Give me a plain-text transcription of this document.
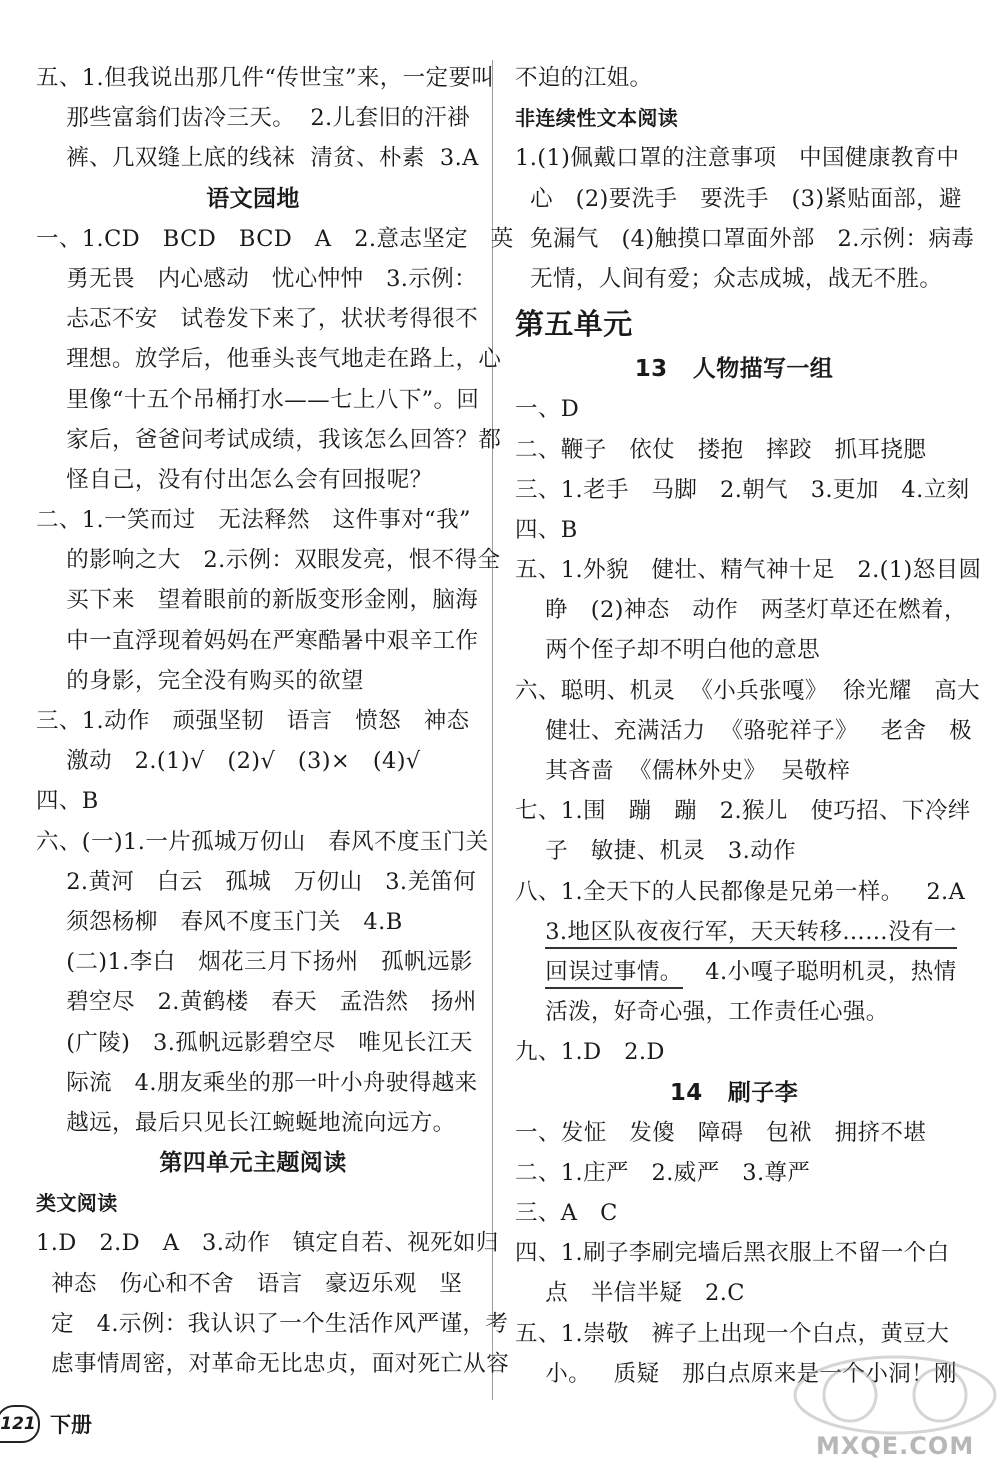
五、1.但我说出那几件“传世宝”来，一定要叫
那些富翁们齿冷三天。  2.儿套旧的汗褂
裤、几双缝上底的线袜  清贫、朴素  3.A
语文园地
一、1.CD   BCD   BCD   A   2.意志坚定   英
勇无畏   内心感动   忧心忡忡   3.示例：
忐忑不安   试卷发下来了，状状考得很不
理想。放学后，他垂头丧气地走在路上，心
里像“十五个吊桶打水——七上八下”。回
家后，爸爸问考试成绩，我该怎么回答？都
怪自己，没有付出怎么会有回报呢？
二、1.一笑而过   无法释然   这件事对“我”
的影响之大   2.示例：双眼发亮，恨不得全
买下来   望着眼前的新版变形金刚，脑海
中一直浮现着妈妈在严寒酷暑中艰辛工作
的身影，完全没有购买的欲望
三、1.动作   顽强坚韧   语言   愤怒   神态
激动   2.(1)√   (2)√   (3)×   (4)√
四、B
六、(一)1.一片孤城万仞山   春风不度玉门关
2.黄河   白云   孤城   万仞山   3.羌笛何
须怨杨柳   春风不度玉门关   4.B
(二)1.李白   烟花三月下扬州   孤帆远影
碧空尽   2.黄鹤楼   春天   孟浩然   扬州
(广陵)   3.孤帆远影碧空尽   唯见长江天
际流   4.朋友乘坐的那一叶小舟驶得越来
越远，最后只见长江蜿蜒地流向远方。
第四单元主题阅读
类文阅读
1.D   2.D   A   3.动作   镇定自若、视死如归
神态   伤心和不舍   语言   豪迈乐观   坚
定   4.示例：我认识了一个生活作风严谨，考
虑事情周密，对革命无比忠贞，面对死亡从容
不迫的江姐。
非连续性文本阅读
1.(1)佩戴口罩的注意事项   中国健康教育中
心   (2)要洗手   要洗手   (3)紧贴面部，避
免漏气   (4)触摸口罩面外部   2.示例：病毒
无情，人间有爱；众志成城，战无不胜。
第五单元
13   人物描写一组
一、D
二、鞭子   依仗   搂抱   摔跤   抓耳挠腮
三、1.老手   马脚   2.朝气   3.更加   4.立刻
四、B
五、1.外貌   健壮、精气神十足   2.(1)怒目圆
睁   (2)神态   动作   两茎灯草还在燃着，
两个侄子却不明白他的意思
六、聪明、机灵  《小兵张嘎》  徐光耀   高大
健壮、充满活力  《骆驼祥子》   老舍   极
其吝啬  《儒林外史》  吴敬梓
七、1.围   蹦   蹦   2.猴儿   使巧招、下冷绊
子   敏捷、机灵   3.动作
八、1.全天下的人民都像是兄弟一样。   2.A
3.地区队夜夜行军，天天转移……没有一
回误过事情。   4.小嘎子聪明机灵，热情
活泼，好奇心强，工作责任心强。
九、1.D   2.D
14   刷子李
一、发怔   发傻   障碍   包袱   拥挤不堪
二、1.庄严   2.威严   3.尊严
三、A   C
四、1.刷子李刷完墙后黑衣服上不留一个白
点   半信半疑   2.C
五、1.崇敬   裤子上出现一个白点，黄豆大
小。   质疑   那白点原来是一个小洞！刚
121 下册
MXQE.COM
